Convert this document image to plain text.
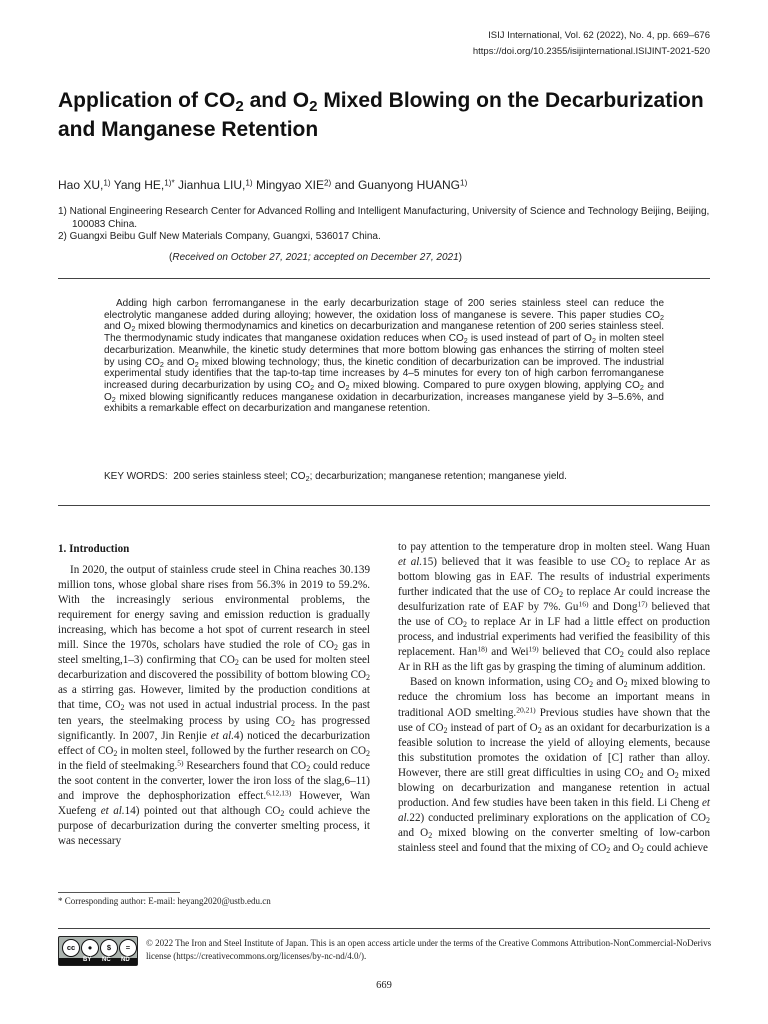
ISIJ International, Vol. 62 (2022), No. 4, pp. 669–676
https://doi.org/10.2355/isijinternational.ISIJINT-2021-520
Application of $CO_2$ and $O_2$ Mixed Blowing on the Decarburization and Manganese Retention
Hao XU,$^{1)}$ Yang HE,$^{1)*}$ Jianhua LIU,$^{1)}$ Mingyao XIE$^{2)}$ and Guanyong HUANG$^{1)}$

1) National Engineering Research Center for Advanced Rolling and Intelligent Manufacturing, University of Science and Technology Beijing, Beijing, 100083 China.

2) Guangxi Beibu Gulf New Materials Company, Guangxi, 536017 China.

(Received on October 27, 2021; accepted on December 27, 2021)
Adding high carbon ferromanganese in the early decarburization stage of 200 series stainless steel can reduce the electrolytic manganese added during alloying; however, the oxidation loss of manganese is severe. This paper studies $CO_2$ and $O_2$ mixed blowing thermodynamics and kinetics on decarburization and manganese retention of 200 series stainless steel. The thermodynamic study indicates that manganese oxidation reduces when $CO_2$ is used instead of part of $O_2$ in molten steel decarburization. Meanwhile, the kinetic study determines that more bottom blowing gas enhances the stirring of molten steel by using $CO_2$ and $O_2$ mixed blowing technology; thus, the kinetic condition of decarburization can be improved. The industrial experimental study identifies that the tap-to-tap time increases by 4–5 minutes for every ton of high carbon ferromanganese increased during decarburization by using $CO_2$ and $O_2$ mixed blowing. Compared to pure oxygen blowing, applying $CO_2$ and $O_2$ mixed blowing significantly reduces manganese oxidation in decarburization, increases manganese yield by 3–5.6%, and exhibits a remarkable effect on decarburization and manganese retention.
KEY WORDS:  200 series stainless steel; $CO_2$; decarburization; manganese retention; manganese yield.
1. Introduction

In 2020, the output of stainless crude steel in China reaches 30.139 million tons, whose global share rises from 56.3% in 2019 to 59.2%. With the increasingly serious environmental problems, the requirement for energy saving and emission reduction is gradually increasing, which has become a hot spot of current research in steel mill. Since the 1970s, scholars have studied the role of $CO_2$ gas in steel smelting,1–3) confirming that $CO_2$ can be used for molten steel decarburization and discovered the possibility of bottom blowing $CO_2$ as a stirring gas. However, limited by the production conditions at that time, $CO_2$ was not used in actual industrial process. In the past ten years, the steelmaking process by using $CO_2$ has progressed significantly. In 2007, Jin Renjie et al.4) noticed the decarburization effect of $CO_2$ in molten steel, followed by the further research on $CO_2$ in the field of steelmaking.$^{5)}$ Researchers found that $CO_2$ could reduce the soot content in the converter, lower the iron loss of the slag,6–11) and improve the dephosphorization effect.$^{6,12,13)}$ However, Wan Xuefeng et al.14) pointed out that although $CO_2$ could achieve the purpose of decarburization during the converter smelting process, it was necessary

to pay attention to the temperature drop in molten steel. Wang Huan et al.15) believed that it was feasible to use $CO_2$ to replace Ar as bottom blowing gas in EAF. The results of industrial experiments further indicated that the use of $CO_2$ to replace Ar could increase the desulfurization rate of EAF by 7%. Gu$^{16)}$ and Dong$^{17)}$ believed that the use of $CO_2$ to replace Ar in LF had a little effect on production process, and industrial experiments had verified the feasibility of this replacement. Han$^{18)}$ and Wei$^{19)}$ believed that $CO_2$ could also replace Ar in RH as the lift gas by grasping the timing of aluminum addition.

Based on known information, using $CO_2$ and $O_2$ mixed blowing to reduce the chromium loss has become an important means in traditional AOD smelting.$^{20,21)}$ Previous studies have shown that the use of $CO_2$ instead of part of $O_2$ as an oxidant for decarburization is a feasible solution to increase the yield of alloying elements, because this substitution promotes the oxidation of [C] rather than alloy. However, there are still great difficulties in using $CO_2$ and $O_2$ mixed blowing on decarburization and manganese retention in actual production. And few studies have been taken in this field. Li Cheng et al.22) conducted preliminary explorations on the application of $CO_2$ and $O_2$ mixed blowing on the converter smelting of low-carbon stainless steel and found that the mixing of $CO_2$ and $O_2$ could achieve

* Corresponding author: E-mail: heyang2020@ustb.edu.cn
cc	●	$	=
BY NC ND
© 2022 The Iron and Steel Institute of Japan. This is an open access article under the terms of the Creative Commons Attribution-NonCommercial-NoDerivs license (https://creativecommons.org/licenses/by-nc-nd/4.0/).
669
